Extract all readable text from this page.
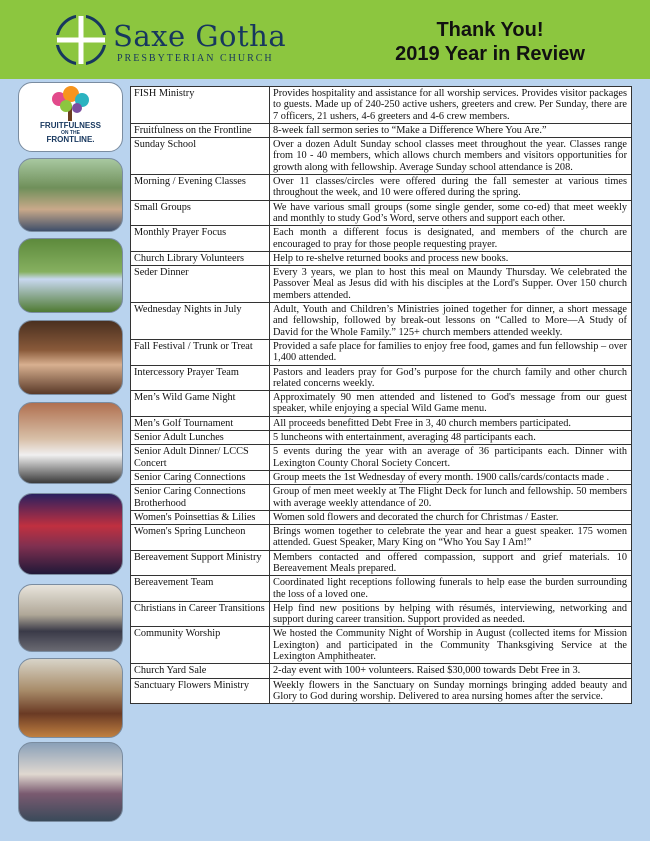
Saxe Gotha
PRESBYTERIAN CHURCH
Thank You!
2019 Year in Review
FRUITFULNESS
ON THE
FRONTLINE.
FISH Ministry	Provides hospitality and assistance for all worship services. Provides visitor packages to guests. Made up of 240-250 active ushers, greeters and crew. Per Sunday, there are 7 officers, 21 ushers, 4-6 greeters and 4-6 crew members.
Fruitfulness on the Frontline	8-week fall sermon series to “Make a Difference Where You Are.”
Sunday School	Over a dozen Adult Sunday school classes meet throughout the year. Classes range from 10 - 40 members, which allows church members and visitors opportunities for growth along with fellowship. Average Sunday school attendance is 208.
Morning / Evening Classes	Over 11 classes/circles were offered during the fall semester at various times throughout the week, and 10 were offered during the spring.
Small Groups	We have various small groups (some single gender, some co-ed) that meet weekly and monthly to study God’s Word, serve others and support each other.
Monthly Prayer Focus	Each month a different focus is designated, and members of the church are encouraged to pray for those people requesting prayer.
Church Library Volunteers	Help to re-shelve returned books and process new books.
Seder Dinner	Every 3 years, we plan to host this meal on Maundy Thursday. We celebrated the Passover Meal as Jesus did with his disciples at the Lord's Supper. Over 150 church members attended.
Wednesday Nights in July	Adult, Youth and Children’s Ministries joined together for dinner, a short message and fellowship, followed by break-out lessons on “Called to More—A Study of David for the Whole Family.” 125+ church members attended weekly.
Fall Festival / Trunk or Treat	Provided a safe place for families to enjoy free food, games and fun fellowship – over 1,400 attended.
Intercessory Prayer Team	Pastors and leaders pray for God’s purpose for the church family and other church related concerns weekly.
Men’s Wild Game Night	Approximately 90 men attended and listened to God's message from our guest speaker, while enjoying a special Wild Game menu.
Men’s Golf Tournament	All proceeds benefitted Debt Free in 3, 40 church members participated.
Senior Adult Lunches	5 luncheons with entertainment, averaging 48 participants each.
Senior Adult Dinner/ LCCS Concert	5 events during the year with an average of 36 participants each. Dinner with Lexington County Choral Society Concert.
Senior Caring Connections	Group meets the 1st Wednesday of every month. 1900 calls/cards/contacts made .
Senior Caring Connections Brotherhood	Group of men meet weekly at The Flight Deck for lunch and fellowship. 50 members with average weekly attendance of 20.
Women's Poinsettias & Lilies	Women sold flowers and decorated the church for Christmas / Easter.
Women's Spring Luncheon	Brings women together to celebrate the year and hear a guest speaker. 175 women attended. Guest Speaker, Mary King on “Who You Say I Am!”
Bereavement Support Ministry	Members contacted and offered compassion, support and grief materials. 10 Bereavement Meals prepared.
Bereavement Team	Coordinated light receptions following funerals to help ease the burden surrounding the loss of a loved one.
Christians in Career Transitions	Help find new positions by helping with résumés, interviewing, networking and support during career transition. Support provided as needed.
Community Worship	We hosted the Community Night of Worship in August (collected items for Mission Lexington) and participated in the Community Thanksgiving Service at the Lexington Amphitheater.
Church Yard Sale	2-day event with 100+ volunteers. Raised $30,000 towards Debt Free in 3.
Sanctuary Flowers Ministry	Weekly flowers in the Sanctuary on Sunday mornings bringing added beauty and Glory to God during worship. Delivered to area nursing homes after the service.
